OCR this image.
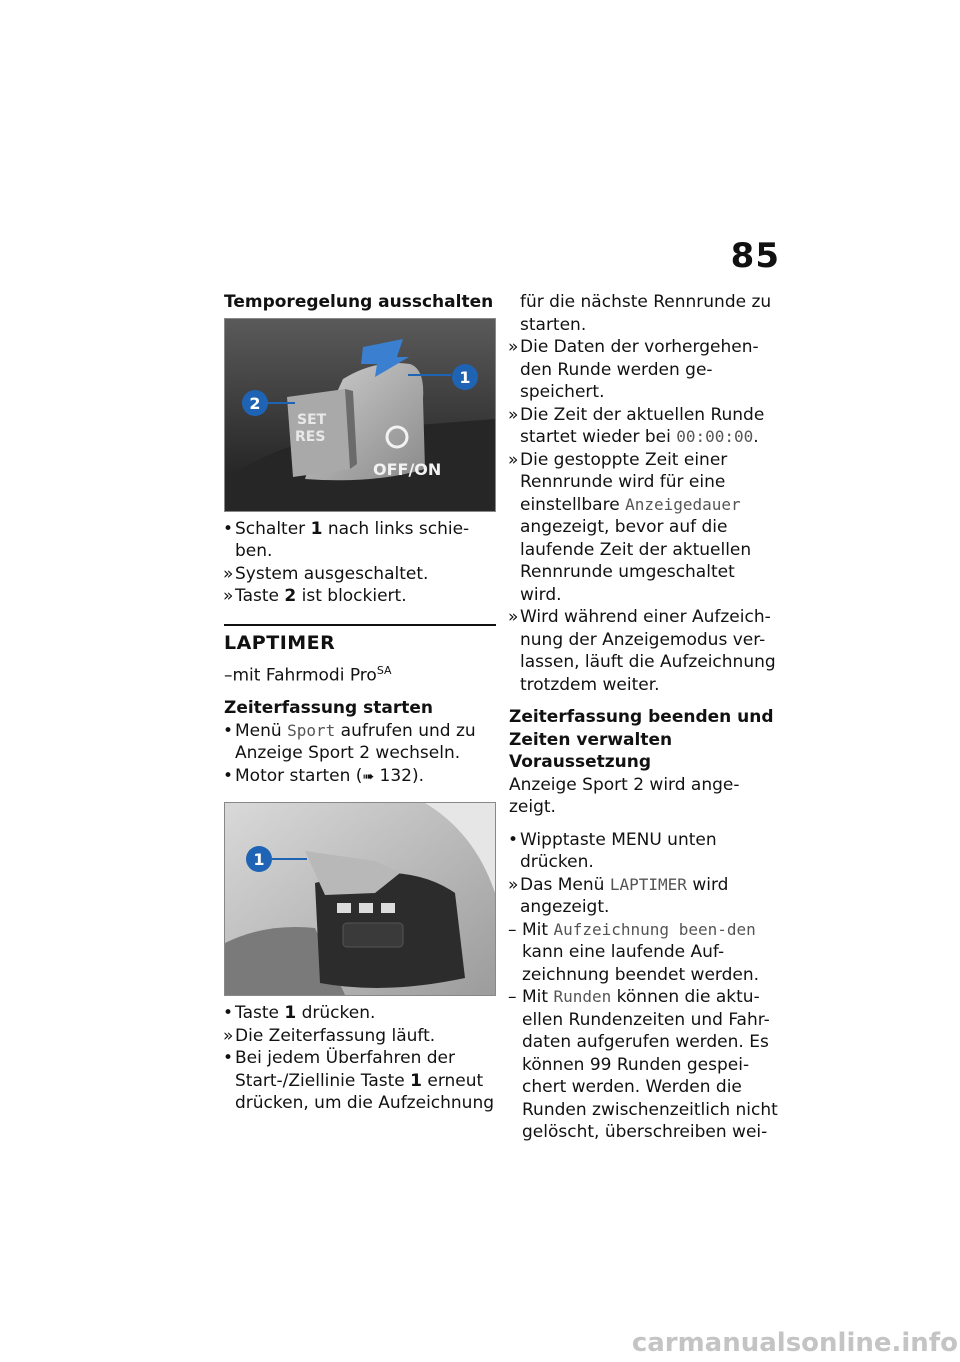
85

Temporegelung ausschalten

SET
RES
OFF/ON
1
2
• Schalter 1 nach links schie-ben.
» System ausgeschaltet.
» Taste 2 ist blockiert.
LAPTIMER
–mit Fahrmodi Pro$^{SA}$

Zeiterfassung starten

• Menü Sport aufrufen und zu Anzeige Sport 2 wechseln.
• Motor starten (➠ 132).
1
• Taste 1 drücken.
» Die Zeiterfassung läuft.
• Bei jedem Überfahren der Start-/Ziellinie Taste 1 erneut drücken, um die Aufzeichnung
für die nächste Rennrunde zu starten.
» Die Daten der vorhergehen-den Runde werden ge-speichert.
» Die Zeit der aktuellen Runde startet wieder bei 00:00:00.
» Die gestoppte Zeit einer Rennrunde wird für eine einstellbare Anzeigedauer angezeigt, bevor auf die laufende Zeit der aktuellen Rennrunde umgeschaltet wird.
» Wird während einer Aufzeich-nung der Anzeigemodus ver-lassen, läuft die Aufzeichnung trotzdem weiter.

Zeiterfassung beenden und Zeiten verwalten

Voraussetzung

Anzeige Sport 2 wird ange-zeigt.
• Wipptaste MENU unten drücken.
» Das Menü LAPTIMER wird angezeigt.
– Mit Aufzeichnung been-den kann eine laufende Auf-zeichnung beendet werden.
– Mit Runden können die aktu-ellen Rundenzeiten und Fahr-daten aufgerufen werden. Es können 99 Runden gespei-chert werden. Werden die Runden zwischenzeitlich nicht gelöscht, überschreiben wei-
carmanualsonline.info
